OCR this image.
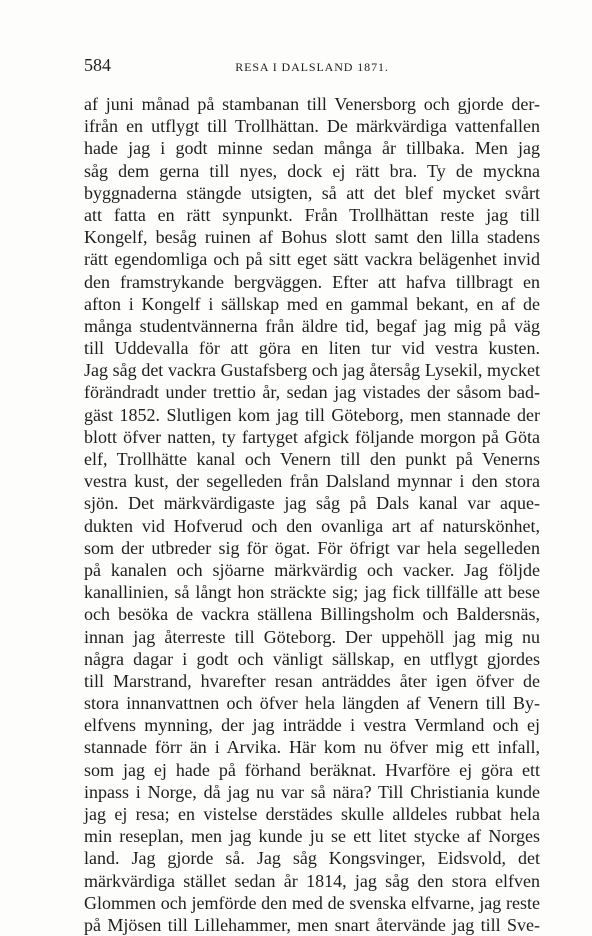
584	RESA I DALSLAND 1871.
af juni månad på stambanan till Venersborg och gjorde der-
ifrån en utflygt till Trollhättan. De märkvärdiga vattenfallen
hade jag i godt minne sedan många år tillbaka. Men jag
såg dem gerna till nyes, dock ej rätt bra. Ty de myckna
byggnaderna stängde utsigten, så att det blef mycket svårt
att fatta en rätt synpunkt. Från Trollhättan reste jag till
Kongelf, besåg ruinen af Bohus slott samt den lilla stadens
rätt egendomliga och på sitt eget sätt vackra belägenhet invid
den framstrykande bergväggen. Efter att hafva tillbragt en
afton i Kongelf i sällskap med en gammal bekant, en af de
många studentvännerna från äldre tid, begaf jag mig på väg
till Uddevalla för att göra en liten tur vid vestra kusten.
Jag såg det vackra Gustafsberg och jag återsåg Lysekil, mycket
förändradt under trettio år, sedan jag vistades der såsom bad-
gäst 1852. Slutligen kom jag till Göteborg, men stannade der
blott öfver natten, ty fartyget afgick följande morgon på Göta
elf, Trollhätte kanal och Venern till den punkt på Venerns
vestra kust, der segelleden från Dalsland mynnar i den stora
sjön. Det märkvärdigaste jag såg på Dals kanal var aque-
dukten vid Hofverud och den ovanliga art af naturskönhet,
som der utbreder sig för ögat. För öfrigt var hela segelleden
på kanalen och sjöarne märkvärdig och vacker. Jag följde
kanallinien, så långt hon sträckte sig; jag fick tillfälle att bese
och besöka de vackra ställena Billingsholm och Baldersnäs,
innan jag återreste till Göteborg. Der uppehöll jag mig nu
några dagar i godt och vänligt sällskap, en utflygt gjordes
till Marstrand, hvarefter resan anträddes åter igen öfver de
stora innanvattnen och öfver hela längden af Venern till By-
elfvens mynning, der jag inträdde i vestra Vermland och ej
stannade förr än i Arvika. Här kom nu öfver mig ett infall,
som jag ej hade på förhand beräknat. Hvarföre ej göra ett
inpass i Norge, då jag nu var så nära? Till Christiania kunde
jag ej resa; en vistelse derstädes skulle alldeles rubbat hela
min reseplan, men jag kunde ju se ett litet stycke af Norges
land. Jag gjorde så. Jag såg Kongsvinger, Eidsvold, det
märkvärdiga stället sedan år 1814, jag såg den stora elfven
Glommen och jemförde den med de svenska elfvarne, jag reste
på Mjösen till Lillehammer, men snart återvände jag till Sve-
